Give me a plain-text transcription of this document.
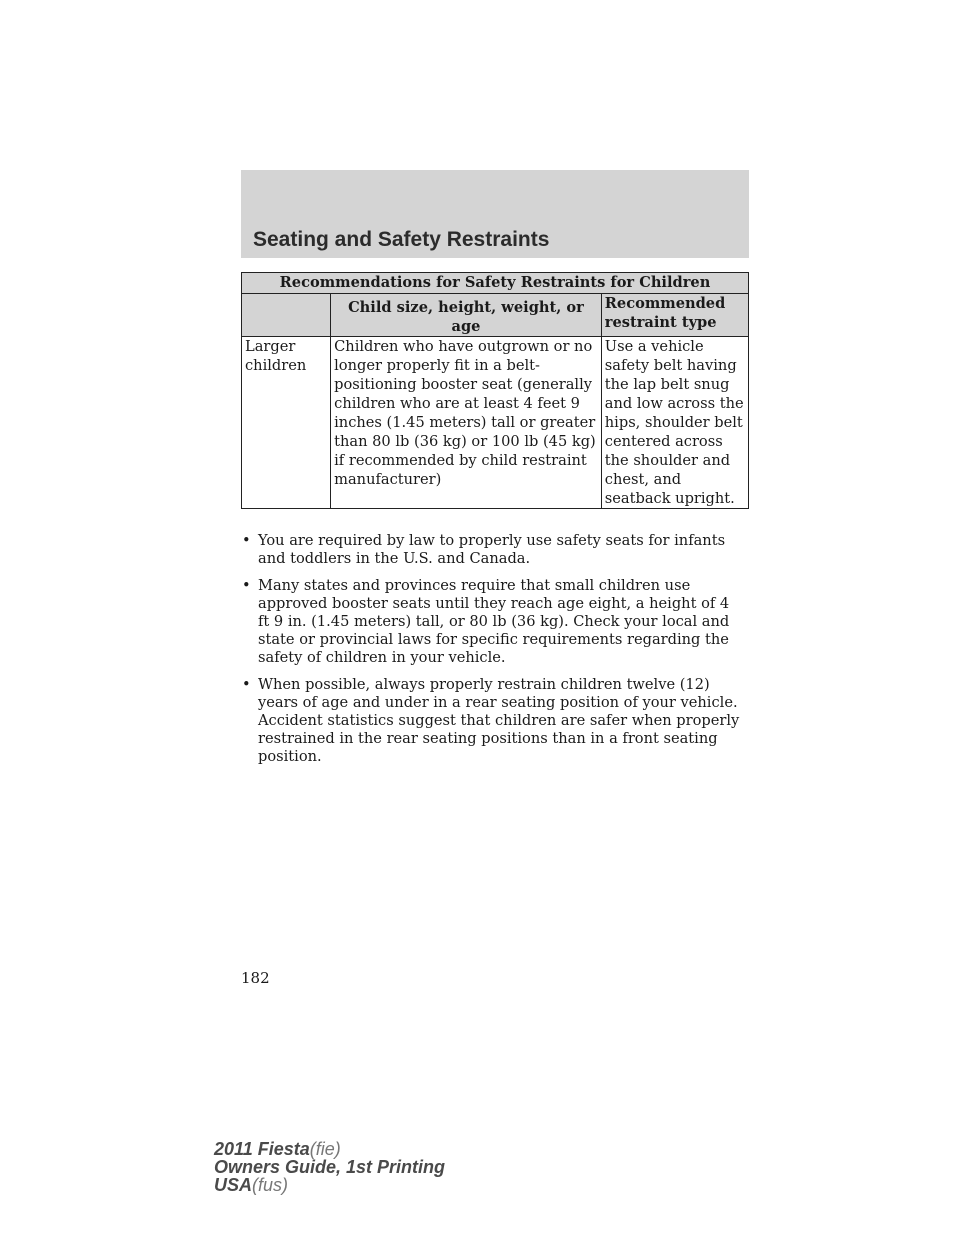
Seating and Safety Restraints
Recommendations for Safety Restraints for Children		
	Child size, height, weight, or age	Recommended restraint type
Larger children	Children who have outgrown or no longer properly fit in a belt-positioning booster seat (generally children who are at least 4 feet 9 inches (1.45 meters) tall or greater than 80 lb (36 kg) or 100 lb (45 kg) if recommended by child restraint manufacturer)	Use a vehicle safety belt having the lap belt snug and low across the hips, shoulder belt centered across the shoulder and chest, and seatback upright.
• You are required by law to properly use safety seats for infants and toddlers in the U.S. and Canada.
• Many states and provinces require that small children use approved booster seats until they reach age eight, a height of 4 ft 9 in. (1.45 meters) tall, or 80 lb (36 kg). Check your local and state or provincial laws for specific requirements regarding the safety of children in your vehicle.
• When possible, always properly restrain children twelve (12) years of age and under in a rear seating position of your vehicle. Accident statistics suggest that children are safer when properly restrained in the rear seating positions than in a front seating position.
182
2011 Fiesta(fie)
Owners Guide, 1st Printing
USA(fus)
